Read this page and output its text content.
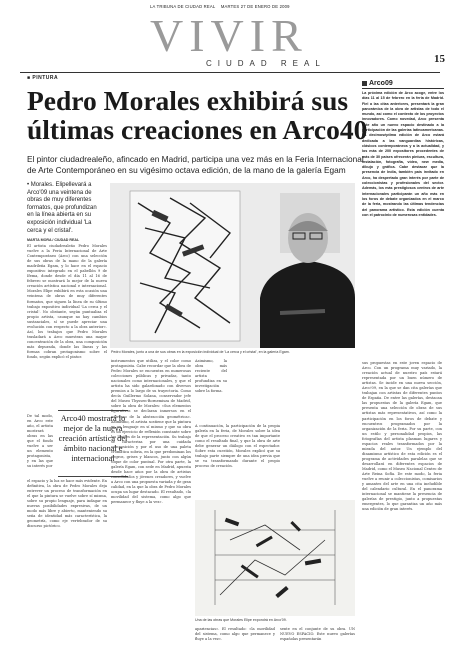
LA TRIBUNA DE CIUDAD REAL MARTES 27 DE ENERO DE 2009
VIVIR
CIUDAD REAL	15
■ PINTURA
Pedro Morales exhibirá sus últimas creaciones en Arco40

El pintor ciudadrealeño, afincado en Madrid, participa una vez más en la Feria Internacional de Arte Contemporáneo en su vigésimo octava edición, de la mano de la galería Egam

• Morales. Elipellevará a Arco'09 una veintena de obras de muy diferentes formatos, que profundizan en la línea abierta en su exposición individual 'La cerca y el cristal'.

MARTA MORA / CIUDAD REAL

El artista ciudadrealeño Pedro Morales vuelve a la Feria Internacional de Arte Contemporáneo (Arco) con una selección de sus obras de la mano de la galería madrileña Egam, y lo hace en el espacio expositivo integrado en el pabellón 9 de Ifema, donde desde el día 11 al 16 de febrero se mostrará lo mejor de la nueva creación artística nacional e internacional. Morales Elipe exhibirá en esta ocasión una veintena de obras de muy diferentes formatos, que siguen la línea de su último trabajo expositivo individual 'La cerca y el cristal'. No obstante, según puntualiza el propio artista, «aunque no hay cambios sustanciales, sí se puede apreciar una evolución con respecto a la obra anterior». Así, los trabajos que Pedro Morales trasladará a Arco muestran una mayor concentración de la obra, una composición más depurada, donde las líneas y las formas cobran protagonismo sobre el fondo, según explicó el pintor.

De tal modo, en Arco este año, el artista mostrará obras en las que el fondo vuelve a ser un elemento protagonista, y en las que su interés por

el espacio y la luz se hace más evidente. En definitiva, la obra de Pedro Morales deja entrever un proceso de transformación en el que la pintura se vuelve sobre sí misma, sobre su propio lenguaje, para indagar en nuevas posibilidades expresivas, de un modo más libre y abierto, manteniendo su seña de identidad más característica, la geometría, como eje vertebrador de su discurso pictórico.

Arco40 mostrará lo mejor de la nueva creación artística del ámbito nacional e internacional
Pedro Morales, junto a una de sus obras en la exposición individual de 'La cerca y el cristal', en la galería Egam.

instrumentos que utiliza, y el color como protagonista. Cabe recordar que la obra de Pedro Morales se encuentra en numerosas colecciones públicas y privadas, tanto nacionales como internacionales, y que el artista ha sido galardonado con diversos premios a lo largo de su trayectoria. Como decía Guillermo Solana, conservador jefe del Museo Thyssen-Bornemisza de Madrid, sobre la obra de Morales: «Sus elementos figurativos se declaran inmersos en el universo de la abstracción geométrica». Asimismo, el artista sostiene que la pintura es un lenguaje en sí mismo y que su obra es un ejercicio de reflexión constante sobre los límites de la representación. Su trabajo se caracteriza por una cuidada composición y por el uso de una paleta cromática sobria, en la que predominan los negros, grises y blancos, junto con algún toque de color puntual. Por otra parte, la galería Egam, con sede en Madrid, apuesta desde hace años por la obra de artistas consolidados y jóvenes creadores, y vuelve a Arco con una propuesta variada y de gran calidad, en la que la obra de Pedro Morales ocupa un lugar destacado. El resultado, «la movilidad del sistema, como algo que permanece y fluye a la vez».

Asimismo, la obra más reciente del artista profundiza en su investigación sobre la forma.

A continuación, la participación de la propia galería en la feria, de Morales sobre la idea de que el proceso creativo es tan importante como el resultado final, y que la obra de arte debe generar un diálogo con el espectador. Sobre esta cuestión, Morales explicó que su trabajo parte siempre de una idea previa que se va transformando durante el propio proceso de creación.

Una de las obras que Morales Elipe expondrá en Arco'09.

apariencias». El resultado: «la movilidad del sistema, como algo que permanece y fluye a la vez».

sente en el conjunte de su obra. UN NUEVO ESPACIO. Este nuevo galerías españolas presentarán

Arco09

La próxima edición de Arco acoge, entre los días 11 al 15 de febrero en la feria de Madrid. Fiel a las citas anteriores, presentará la gran panorámica de la obra de artistas de todo el mundo, así como el contexto de los proyectos innovadores. Como novedad, Arco presenta este año un nuevo espacio destinado a la participación de las galerías latinoamericanas. La decimoséptima edición de Arco estará dedicada a las vanguardias históricas, clásicos contemporáneos y a la actualidad, y los más de 200 expositores procedentes de más de 30 países ofrecerán pintura, escultura, instalación, fotografía, vídeo, new media, dibujo y gráfica. Cabe destacar que la presencia de India, también país invitado en Arco, ha despertado gran interés por parte de coleccionistas y profesionales del sector. Además, los más prestigiosos centros de arte internacionales participarán un año más en los foros de debate organizados en el marco de la feria, mostrando las últimas tendencias del panorama artístico. Esta edición cuenta con el patrocinio de numerosas entidades.

sus propuestas en este joven espacio de Arco. Con un programa muy variado, la creación actual de nuestro país estará representada por un buen número de artistas. Se incide en una nueva sección, Arco'09, en la que se dan cita galerías que trabajan con artistas de diferentes puntos de España. De entre las galerías, destacan las propuestas de la galería Egam, que presenta una selección de obras de sus artistas más representativos, así como la participación en los foros de debate y encuentros programados por la organización de la feria. Por su parte, con un estilo y personalidad propios, las fotografías del artista plasman lugares y espacios reales transformados por la mirada del autor. Un ejemplo del dinamismo artístico de esta edición es el programa de actividades paralelas que se desarrollará en diferentes espacios de Madrid, como el Museo Nacional Centro de Arte Reina Sofía. De este modo, la feria vuelve a reunir a coleccionistas, comisarios y amantes del arte en una cita ineludible del calendario cultural. En el panorama internacional se mantiene la presencia de galerías de prestigio, junto a propuestas emergentes, lo que garantiza un año más una edición de gran interés.
